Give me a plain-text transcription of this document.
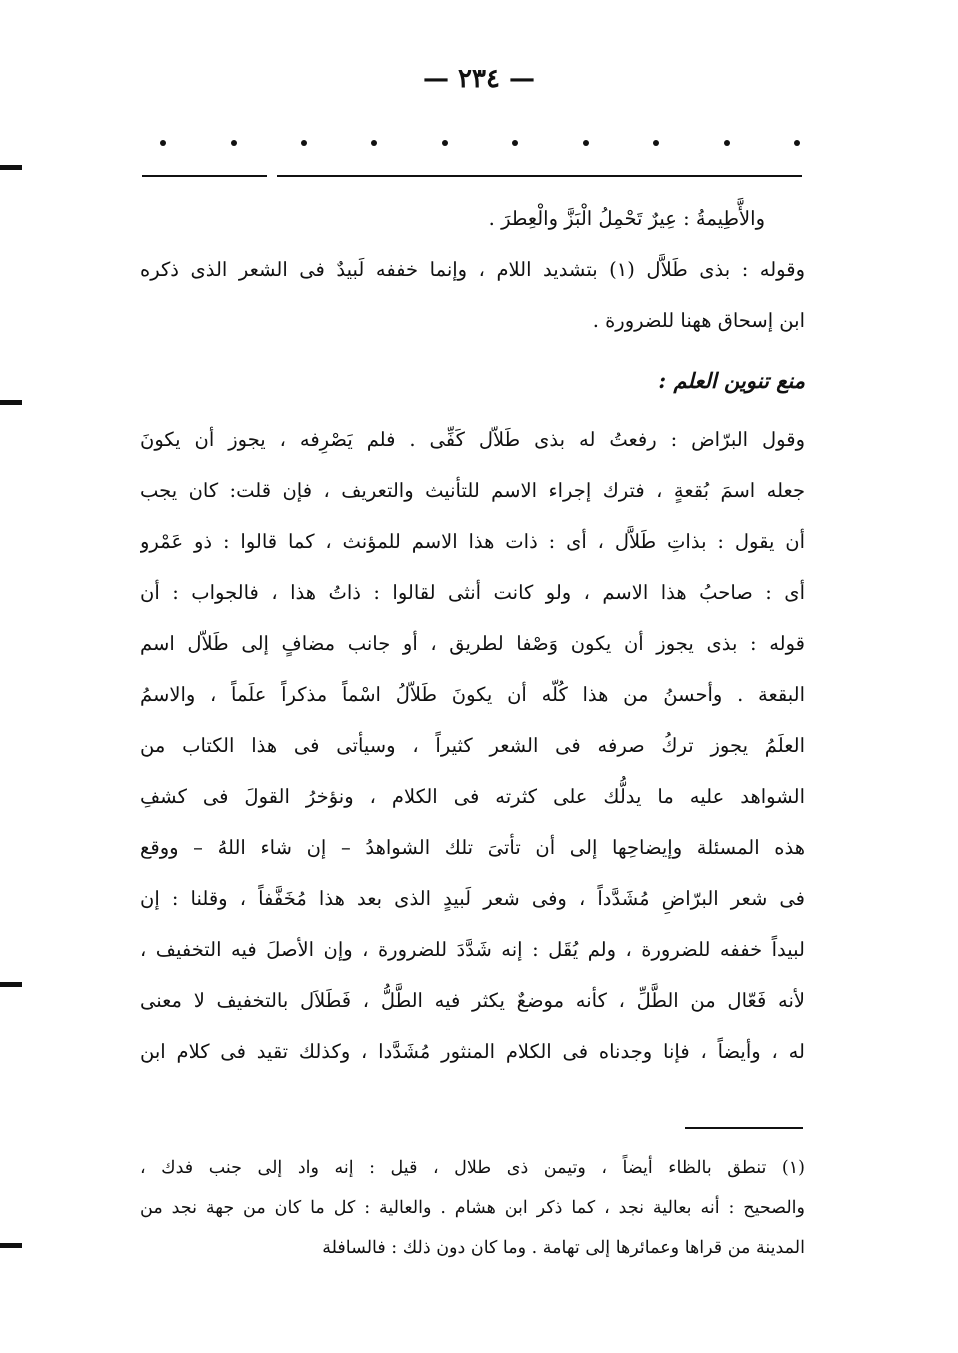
— ٢٣٤ —
والأَّطِيمةُ : عِيرٌ تَحْمِلُ الْبَزَّ والْعِطرَ .
وقوله : بذى طَلاَّل (١) بتشديد اللام ، وإنما خففه لَبيدٌ فى الشعر الذى ذكره
ابن إسحاق ههنا للضرورة .
منع تنوين العلم :
وقول البرّاض : رفعتُ له بذى طَلاّل كَفِّى . فلم يَصْرِفه ، يجوز أن يكونَ
جعله اسمَ بُقعةٍ ، فترك إجراء الاسم للتأنيث والتعريف ، فإن قلت: كان يجب
أن يقول : بذاتِ طَلاَّل ، أى : ذات هذا الاسم للمؤنث ، كما قالوا : ذو عَمْرو
أى : صاحبُ هذا الاسم ، ولو كانت أنثى لقالوا : ذاتُ هذا ، فالجواب : أن
قوله : بذى يجوز أن يكون وَصْفا لطريق ، أو جانب مضافٍ إلى طَلاّل اسم
البقعة . وأحسنُ من هذا كُلّه أن يكونَ طَلاّلُ اسْماً مذكراً علَماً ، والاسمُ
العلَمُ يجوز تركُ صرفه فى الشعر كثيراً ، وسيأتى فى هذا الكتاب من
الشواهد عليه ما يدلُّك على كثرته فى الكلام ، ونؤخرُ القولَ فى كشفِ
هذه المسئلة وإيضاحِها إلى أن تأتىَ تلك الشواهدُ – إن شاء اللهُ – ووقع
فى شعر البرّاضِ مُشَدَّداً ، وفى شعر لَبيدٍ الذى بعد هذا مُخَفَّفاً ، وقلنا : إن
لبيداً خففه للضرورة ، ولم يُقَل : إنه شَدَّدَ للضرورة ، وإن الأصلَ فيه التخفيف ،
لأنه فَعّال من الطَّلِّ ، كأنه موضعٌ يكثر فيه الطَّلُّ ، فَطَلاَل بالتخفيف لا معنى
له ، وأيضاً ، فإنا وجدناه فى الكلام المنثور مُشَدَّدا ، وكذلك تقيد فى كلام ابن
(١) تنطق بالظاء أيضاً ، وتيمن ذى طلال ، قيل : إنه واد إلى جنب فدك ،
والصحيح : أنه بعالية نجد ، كما ذكر ابن هشام . والعالية : كل ما كان من جهة نجد من
المدينة من قراها وعمائرها إلى تهامة . وما كان دون ذلك : فالسافلة
